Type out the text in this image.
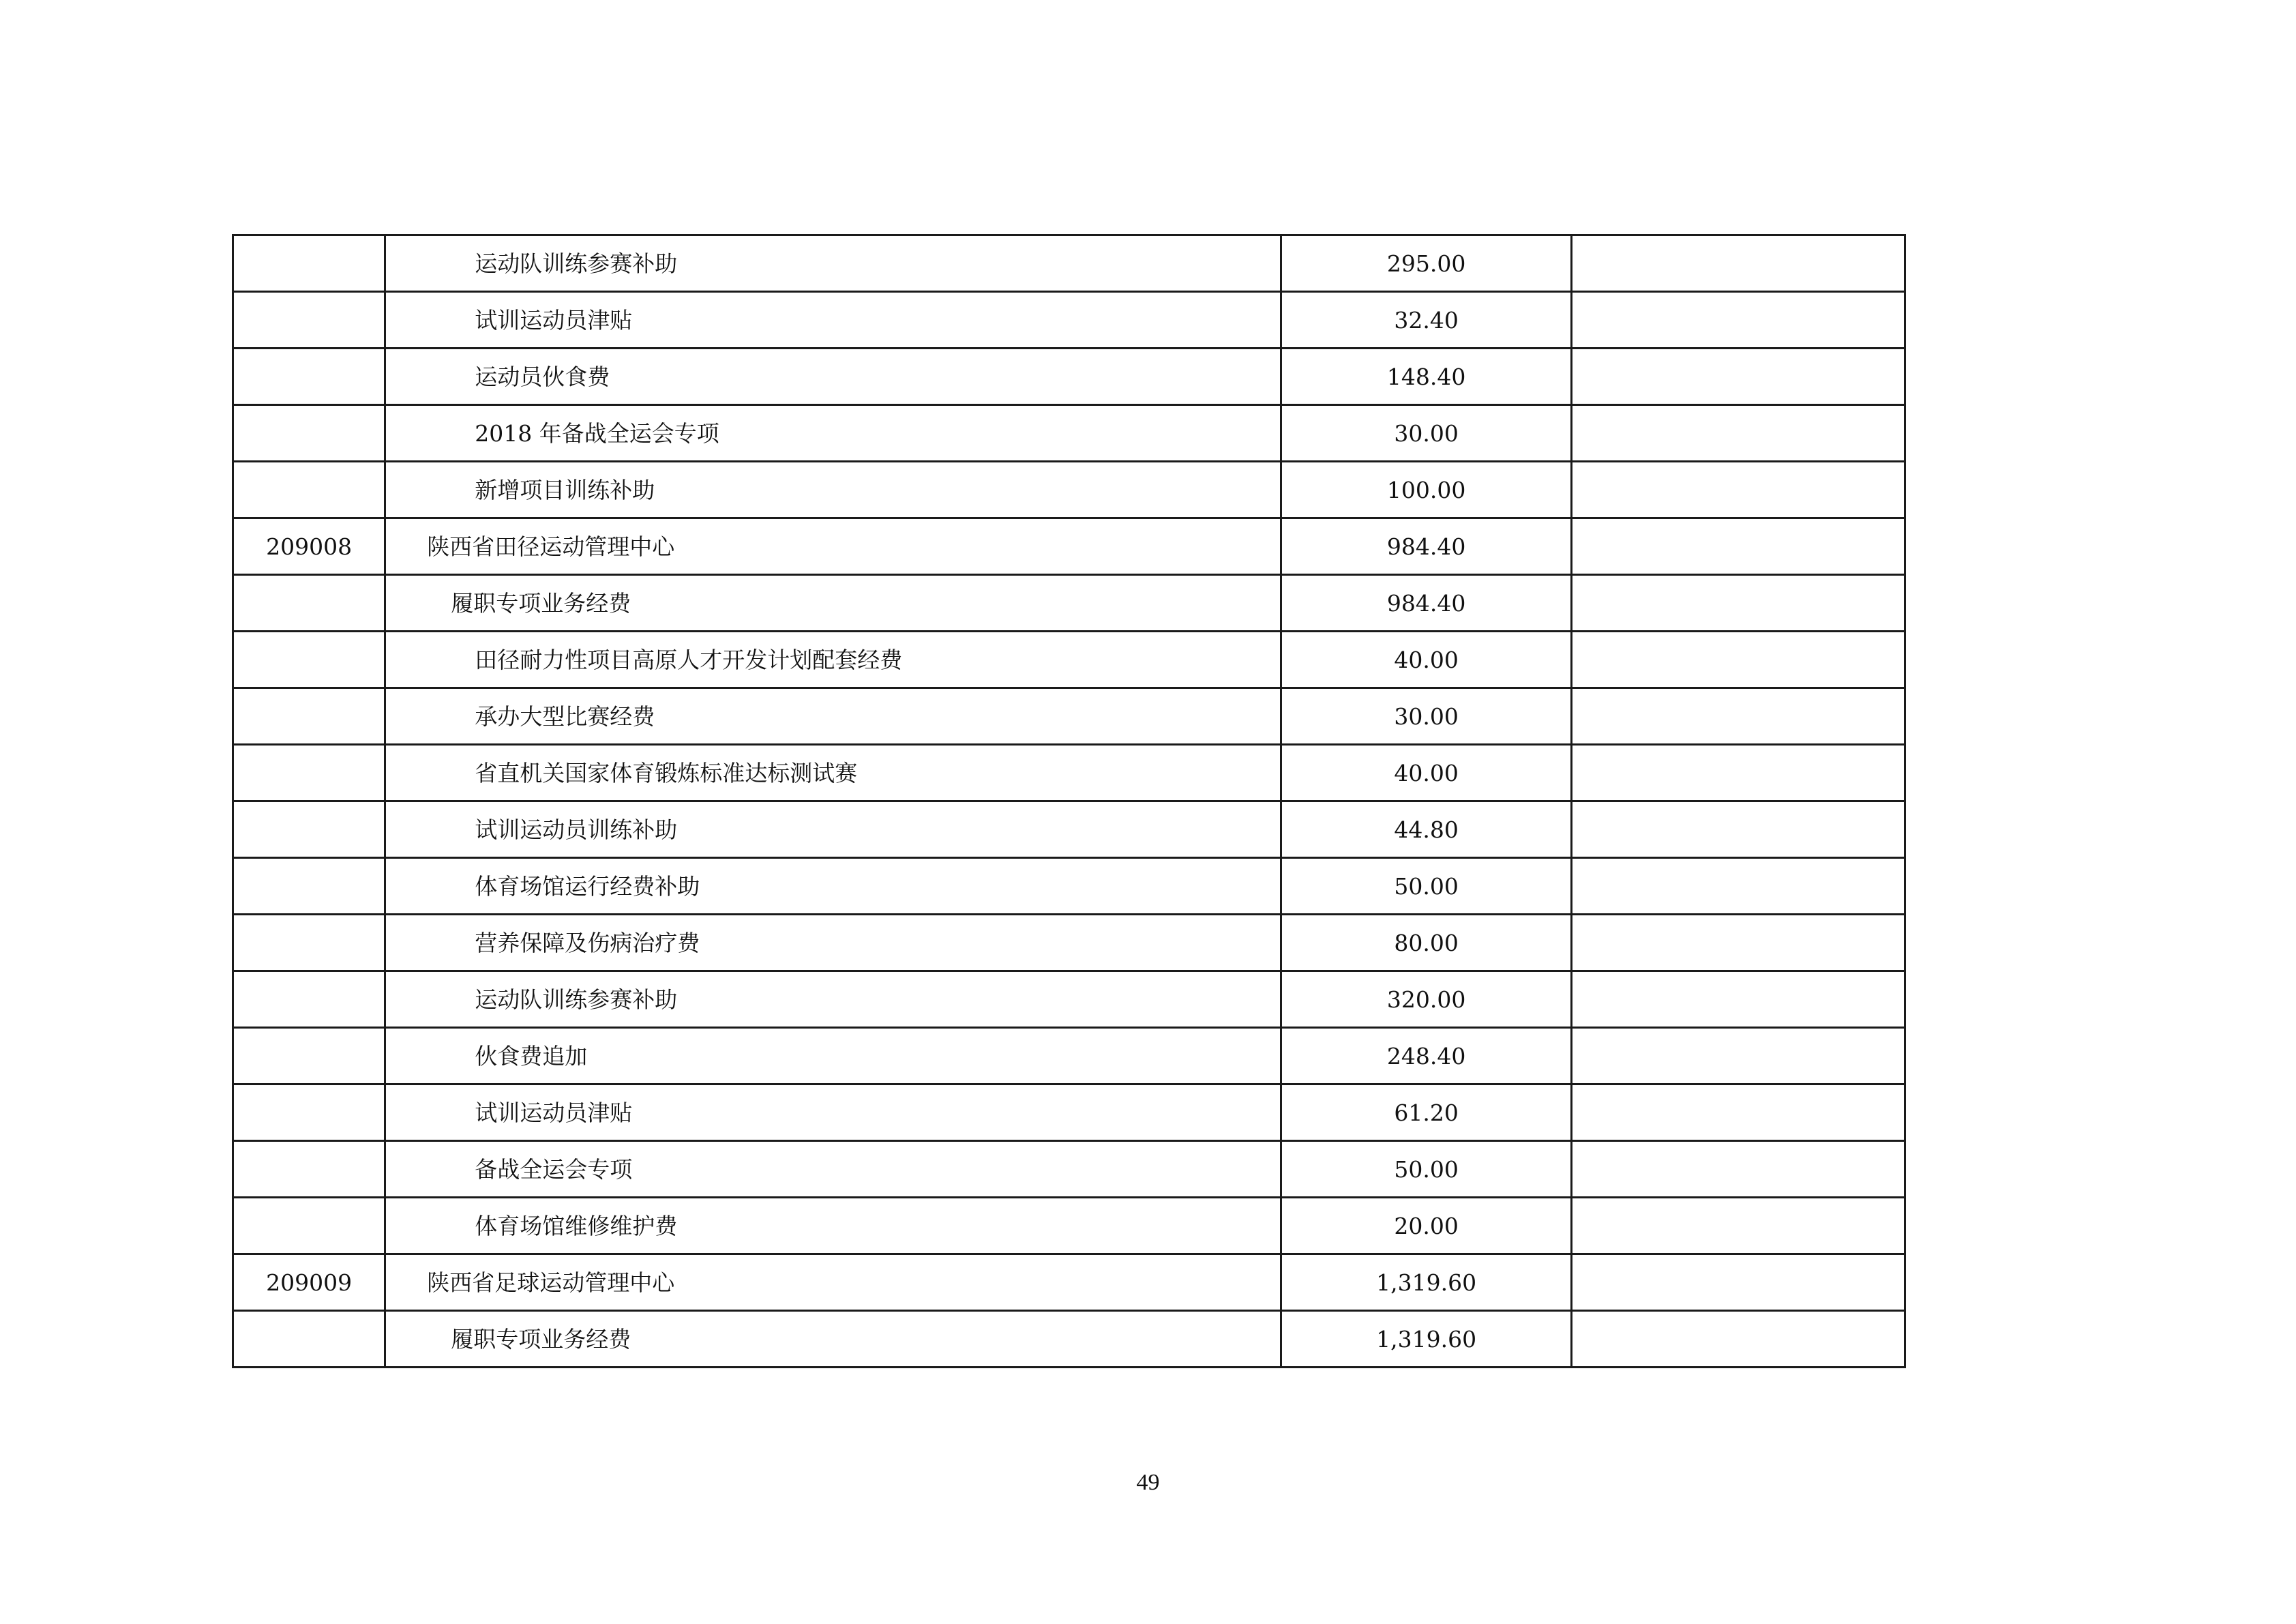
	运动队训练参赛补助	295.00	
	试训运动员津贴	32.40	
	运动员伙食费	148.40	
	2018 年备战全运会专项	30.00	
	新增项目训练补助	100.00	
209008	陕西省田径运动管理中心	984.40	
	履职专项业务经费	984.40	
	田径耐力性项目高原人才开发计划配套经费	40.00	
	承办大型比赛经费	30.00	
	省直机关国家体育锻炼标准达标测试赛	40.00	
	试训运动员训练补助	44.80	
	体育场馆运行经费补助	50.00	
	营养保障及伤病治疗费	80.00	
	运动队训练参赛补助	320.00	
	伙食费追加	248.40	
	试训运动员津贴	61.20	
	备战全运会专项	50.00	
	体育场馆维修维护费	20.00	
209009	陕西省足球运动管理中心	1,319.60	
	履职专项业务经费	1,319.60	
49
